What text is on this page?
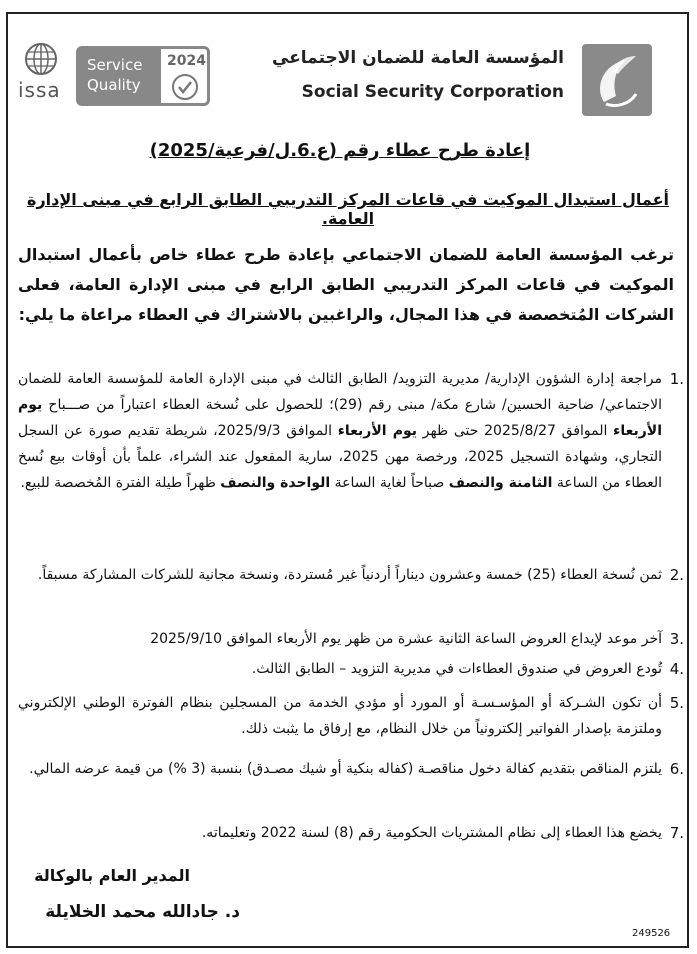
issa
Service
Quality
2024	المؤسسة العامة للضمان الاجتماعي
Social Security Corporation
إعادة طرح عطاء رقم (ع.6.ل/فرعية/2025)
أعمال استبدال الموكيت في قاعات المركز التدريبي الطابق الرابع في مبنى الإدارة العامة.
ترغب المؤسسة العامة للضمان الاجتماعي بإعادة طرح عطاء خاص بأعمال استبدال الموكيت في قاعات المركز التدريبي الطابق الرابع في مبنى الإدارة العامة، فعلى الشركات المُتخصصة في هذا المجال، والراغبين بالاشتراك في العطاء مراعاة ما يلي:
1.
مراجعة إدارة الشؤون الإدارية/ مديرية التزويد/ الطابق الثالث في مبنى الإدارة العامة للمؤسسة العامة للضمان الاجتماعي/ ضاحية الحسين/ شارع مكة/ مبنى رقم (29)؛ للحصول على نُسخة العطاء اعتباراً من صـــباح يوم الأربعاء الموافق 2025/8/27 حتى ظهر يوم الأربعاء الموافق 2025/9/3، شريطة تقديم صورة عن السجل التجاري، وشهادة التسجيل 2025، ورخصة مهن 2025، سارية المفعول عند الشراء، علماً بأن أوقات بيع نُسخ العطاء من الساعة الثامنة والنصف صباحاً لغاية الساعة الواحدة والنصف ظهراً طيلة الفترة المُخصصة للبيع.
2.
ثمن نُسخة العطاء (25) خمسة وعشرون ديناراً أردنياً غير مُستردة، ونسخة مجانية للشركات المشاركة مسبقاً.
3.
آخر موعد لإيداع العروض الساعة الثانية عشرة من ظهر يوم الأربعاء الموافق 2025/9/10
4.
تُودع العروض في صندوق العطاءات في مديرية التزويد – الطابق الثالث.
5.
أن تكون الشـركة أو المؤسـسـة أو المورد أو مؤدي الخدمة من المسجلين بنظام الفوترة الوطني الإلكتروني وملتزمة بإصدار الفواتير إلكترونياً من خلال النظام، مع إرفاق ما يثبت ذلك.
6.
يلتزم المناقص بتقديم كفالة دخول مناقصـة (كفاله بنكية أو شيك مصـدق) بنسبة (3 %) من قيمة عرضه المالي.
7.
يخضع هذا العطاء إلى نظام المشتريات الحكومية رقم (8) لسنة 2022 وتعليماته.
المدير العام بالوكالة
د. جادالله محمد الخلايلة
249526
